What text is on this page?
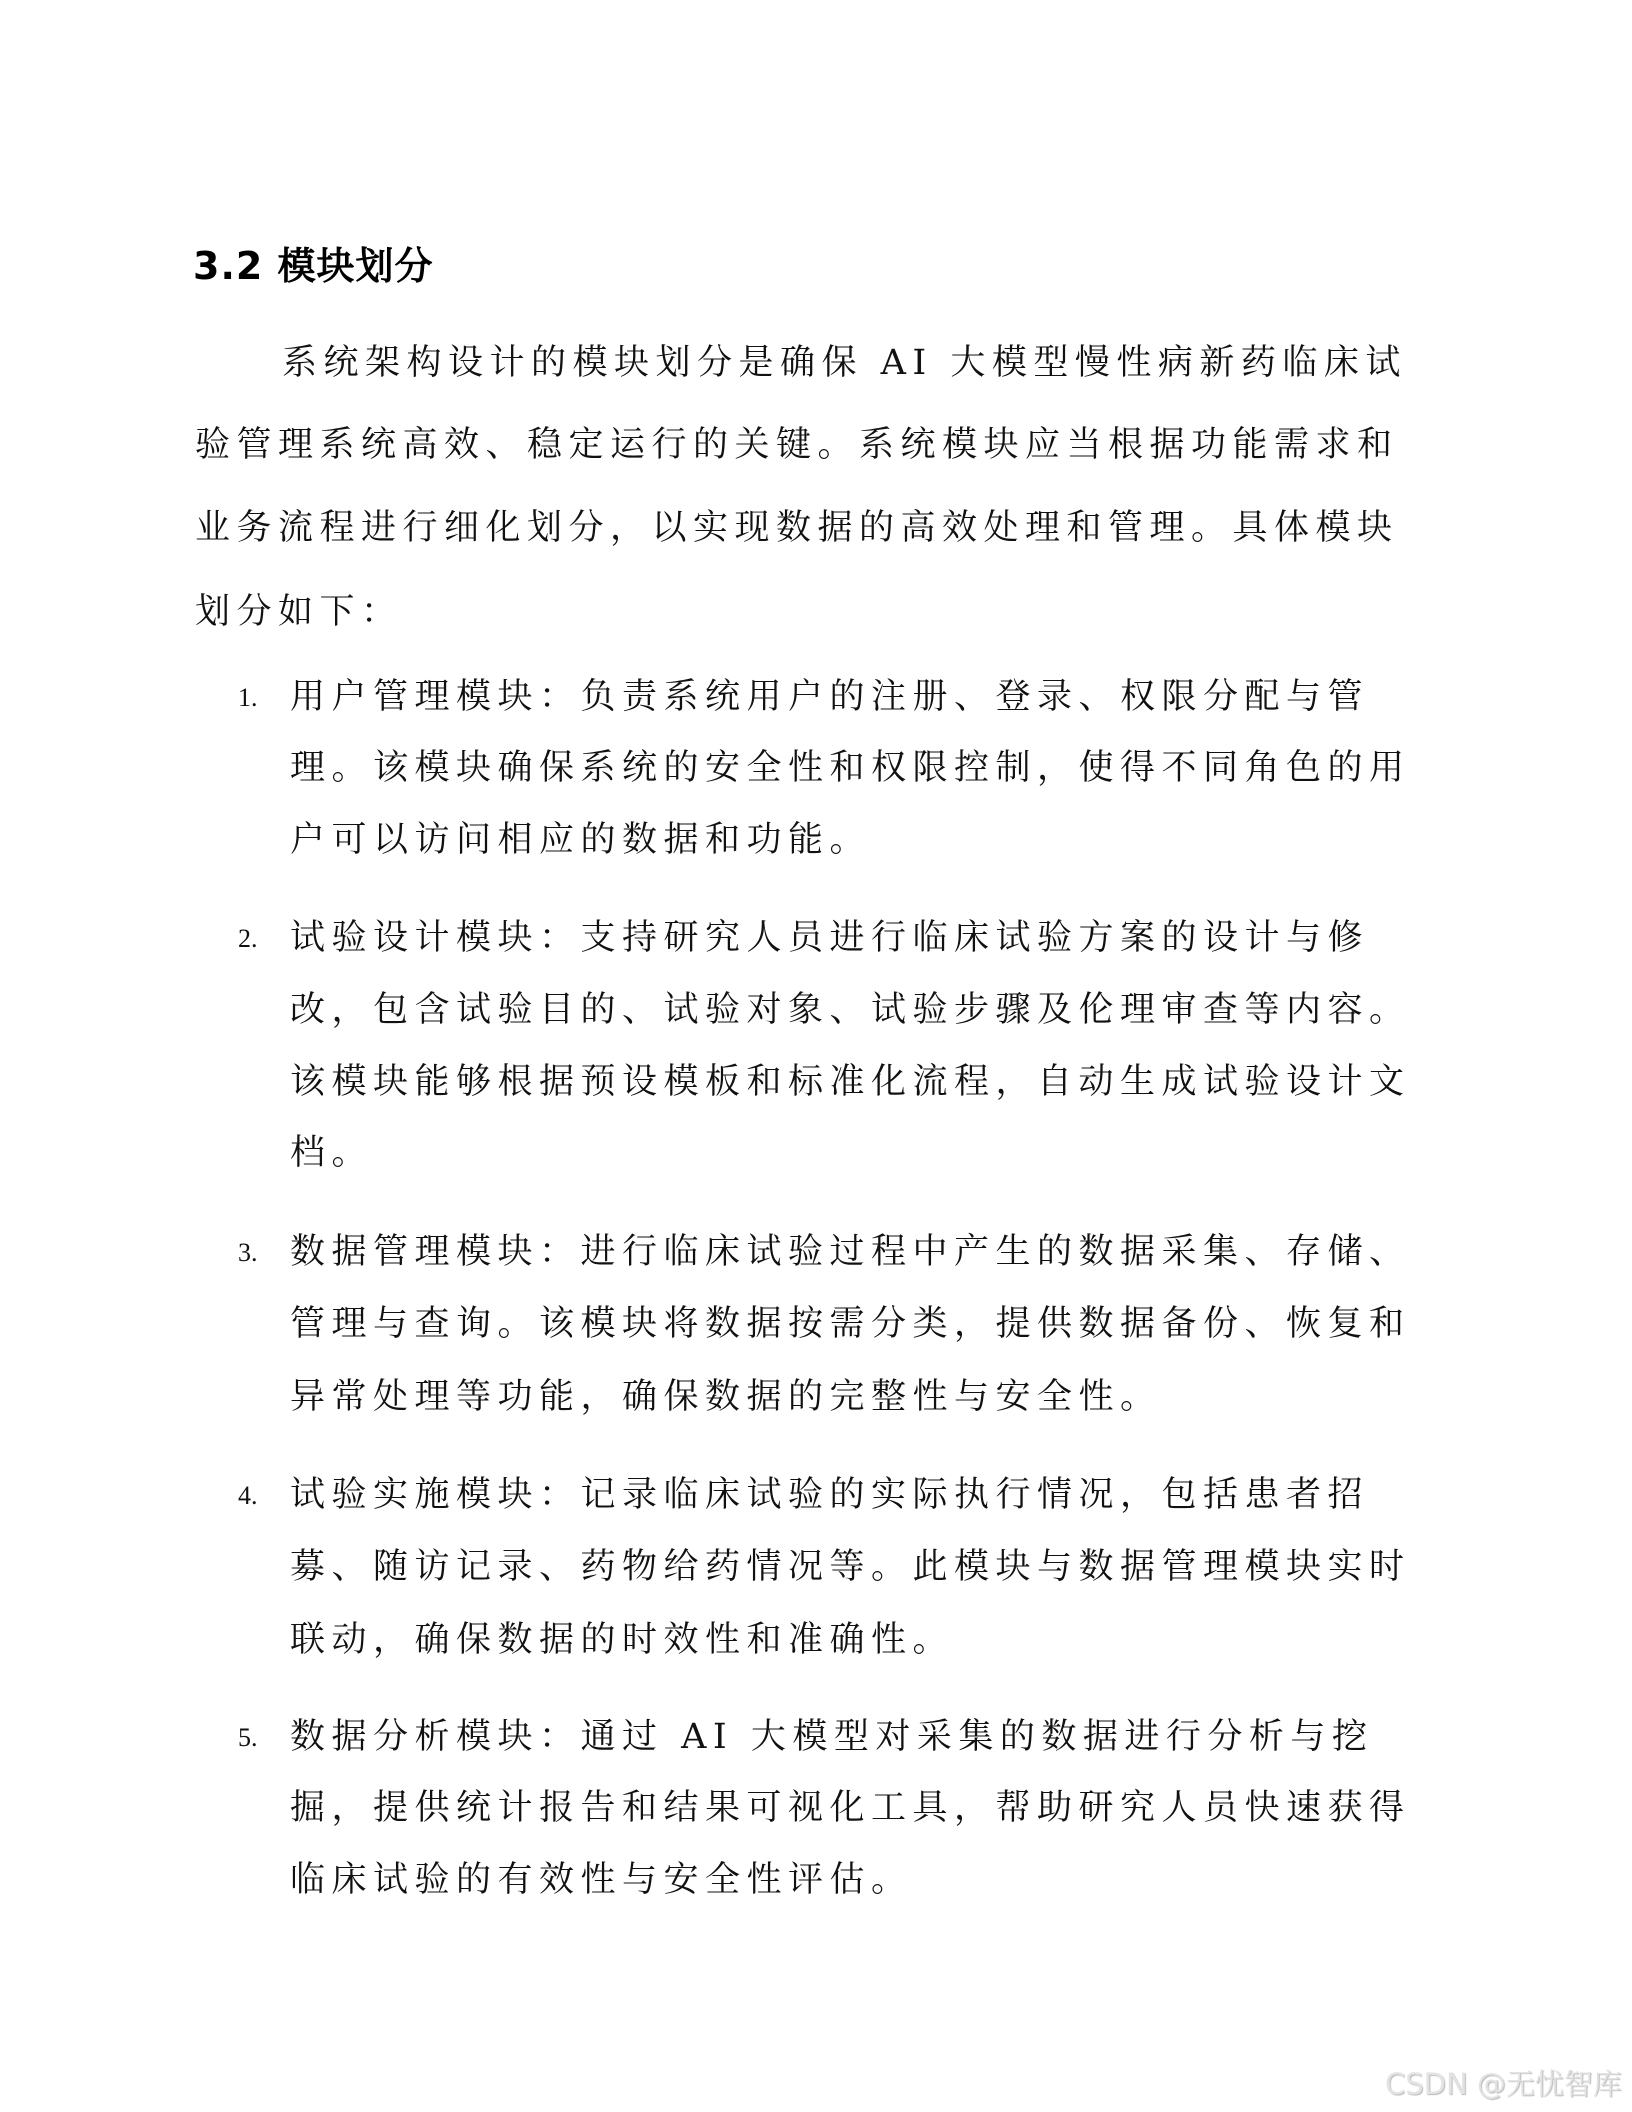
3.2 模块划分
系统架构设计的模块划分是确保 AI 大模型慢性病新药临床试
验管理系统高效、稳定运行的关键。系统模块应当根据功能需求和
业务流程进行细化划分，以实现数据的高效处理和管理。具体模块
划分如下：
1. 用户管理模块：负责系统用户的注册、登录、权限分配与管
理。该模块确保系统的安全性和权限控制，使得不同角色的用
户可以访问相应的数据和功能。
2. 试验设计模块：支持研究人员进行临床试验方案的设计与修
改，包含试验目的、试验对象、试验步骤及伦理审查等内容。
该模块能够根据预设模板和标准化流程，自动生成试验设计文
档。
3. 数据管理模块：进行临床试验过程中产生的数据采集、存储、
管理与查询。该模块将数据按需分类，提供数据备份、恢复和
异常处理等功能，确保数据的完整性与安全性。
4. 试验实施模块：记录临床试验的实际执行情况，包括患者招
募、随访记录、药物给药情况等。此模块与数据管理模块实时
联动，确保数据的时效性和准确性。
5. 数据分析模块：通过 AI 大模型对采集的数据进行分析与挖
掘，提供统计报告和结果可视化工具，帮助研究人员快速获得
临床试验的有效性与安全性评估。
CSDN @无忧智库
